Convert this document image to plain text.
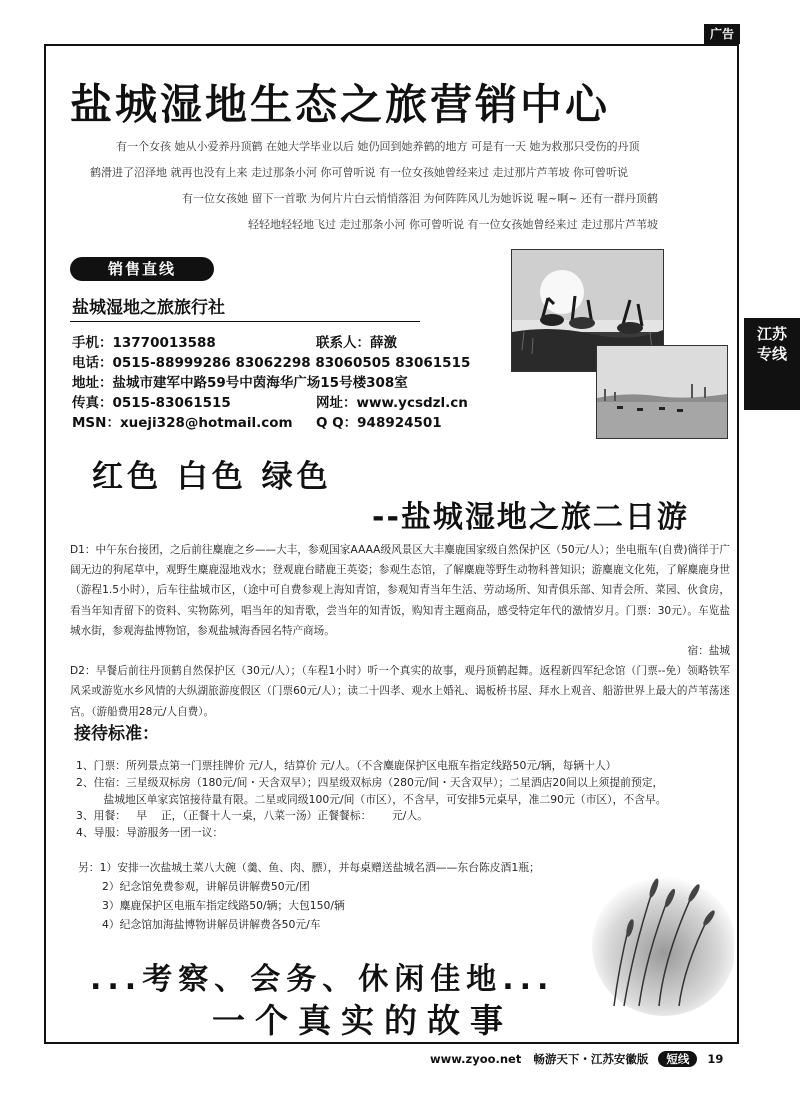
广告
江苏专线
盐城湿地生态之旅营销中心
有一个女孩 她从小爱养丹顶鹤 在她大学毕业以后 她仍回到她养鹤的地方 可是有一天 她为救那只受伤的丹顶
鹤滑进了沼泽地 就再也没有上来 走过那条小河 你可曾听说 有一位女孩她曾经来过 走过那片芦苇坡 你可曾听说
有一位女孩她 留下一首歌 为何片片白云悄悄落泪 为何阵阵风儿为她诉说 喔~啊~ 还有一群丹顶鹤
轻轻地轻轻地飞过 走过那条小河 你可曾听说 有一位女孩她曾经来过 走过那片芦苇坡
销售直线
盐城湿地之旅旅行社
手机：13770013588	联系人：薛激
电话：0515-88999286 83062298 83060505 83061515
地址：盐城市建军中路59号中茵海华广场15号楼308室
传真：0515-83061515	网址：www.ycsdzl.cn
MSN：xueji328@hotmail.com Q Q：948924501
红色 白色 绿色
--盐城湿地之旅二日游

D1：中午东台接团，之后前往麋鹿之乡——大丰，参观国家AAAA级风景区大丰麋鹿国家级自然保护区（50元/人）；坐电瓶车(自费)徜徉于广阔无边的狗尾草中，观野生麋鹿湿地戏水；登观鹿台睹鹿王英姿；参观生态馆，了解麋鹿等野生动物科普知识；游麋鹿文化苑，了解麋鹿身世（游程1.5小时），后车往盐城市区，（途中可自费参观上海知青馆，参观知青当年生活、劳动场所、知青俱乐部、知青会所、菜园、伙食房，看当年知青留下的资料、实物陈列，唱当年的知青歌，尝当年的知青饭，购知青主题商品，感受特定年代的激情岁月。门票：30元）。车览盐城水街，参观海盐博物馆，参观盐城海香园名特产商场。

宿：盐城

D2：早餐后前往丹顶鹤自然保护区（30元/人）；（车程1小时）听一个真实的故事，观丹顶鹤起舞。返程新四军纪念馆（门票--免）领略铁军风采或游览水乡风情的大纵湖旅游度假区（门票60元/人）；读二十四孝、观水上婚礼、谒板桥书屋、拜水上观音、船游世界上最大的芦苇荡迷宫。（游船费用28元/人自费）。

接待标准：
1、门票：所列景点第一门票挂牌价 元/人，结算价 元/人。（不含麋鹿保护区电瓶车指定线路50元/辆，每辆十人）
2、住宿：三星级双标房（180元/间・天含双早）；四星级双标房（280元/间・天含双早）；二星酒店20间以上须提前预定，
盐城地区单家宾馆接待量有限。二星或同级100元/间（市区），不含早，可安排5元桌早，准二90元（市区），不含早。
3、用餐：   早    正，（正餐十人一桌，八菜一汤）正餐餐标：      元/人。
4、导服：导游服务一团一议：
另：1）安排一次盐城土菜八大碗（羹、鱼、肉、膘），并每桌赠送盐城名酒——东台陈皮酒1瓶；
2）纪念馆免费参观，讲解员讲解费50元/团
3）麋鹿保护区电瓶车指定线路50/辆；大包150/辆
4）纪念馆加海盐博物讲解员讲解费各50元/车
...考察、会务、休闲佳地...
一个真实的故事
www.zyoo.net 畅游天下・江苏安徽版 短线 19
